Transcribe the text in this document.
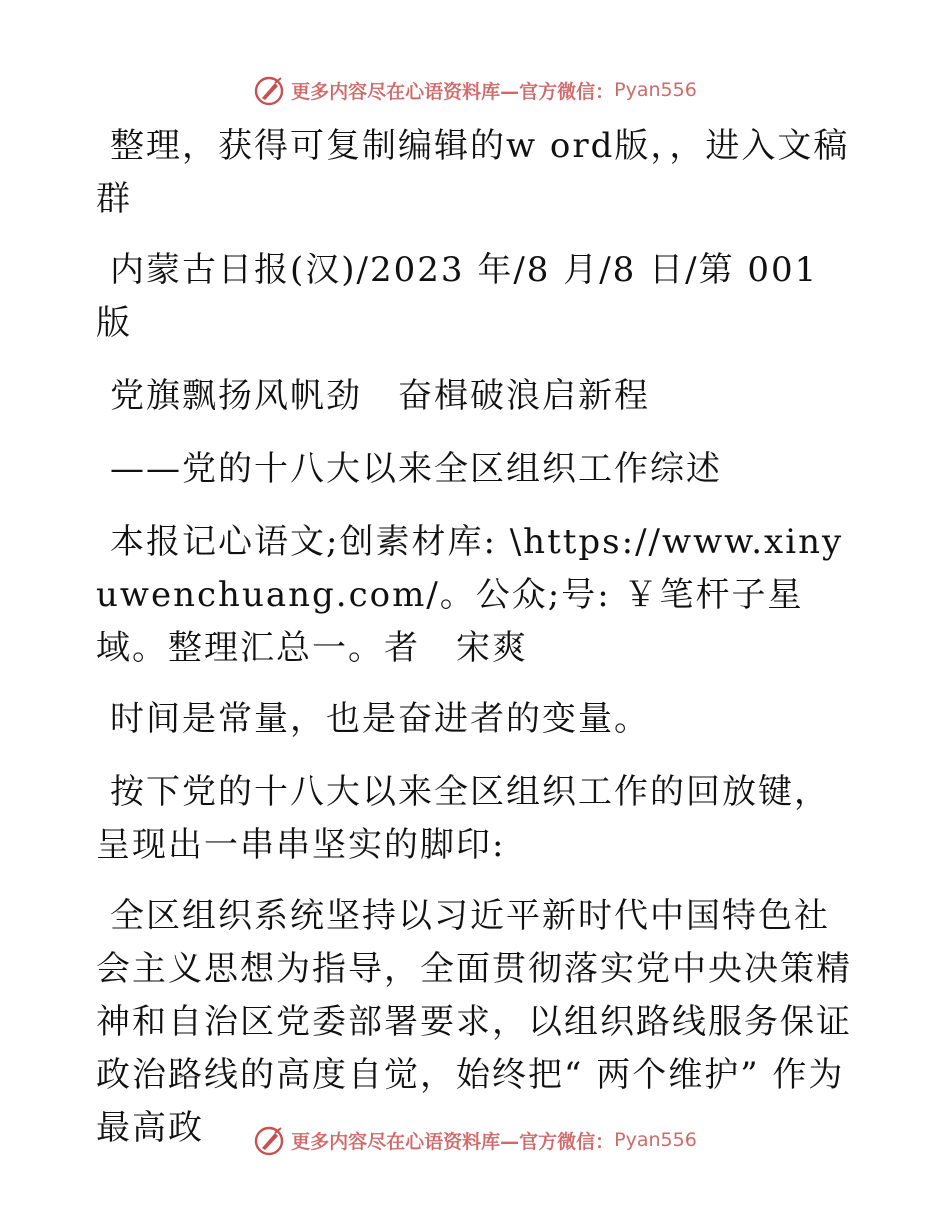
更多内容尽在心语资料库—官方微信： Pyan556

整理，获得可复制编辑的w ord版，，进入文稿群

内蒙古日报(汉)/2023 年/8 月/8 日/第 001 版

党旗飘扬风帆劲　奋楫破浪启新程

——党的十八大以来全区组织工作综述

本报记心语文;创素材库: \https://www.xinyuwenchuang.com/。公众;号: ￥笔杆子星域。整理汇总一。者　宋爽

时间是常量，也是奋进者的变量。

按下党的十八大以来全区组织工作的回放键，呈现出一串串坚实的脚印:

全区组织系统坚持以习近平新时代中国特色社会主义思想为指导，全面贯彻落实党中央决策精神和自治区党委部署要求，以组织路线服务保证政治路线的高度自觉，始终把“ 两个维护” 作为最高政	更多内容尽在心语资料库—官方微信： Pyan556
